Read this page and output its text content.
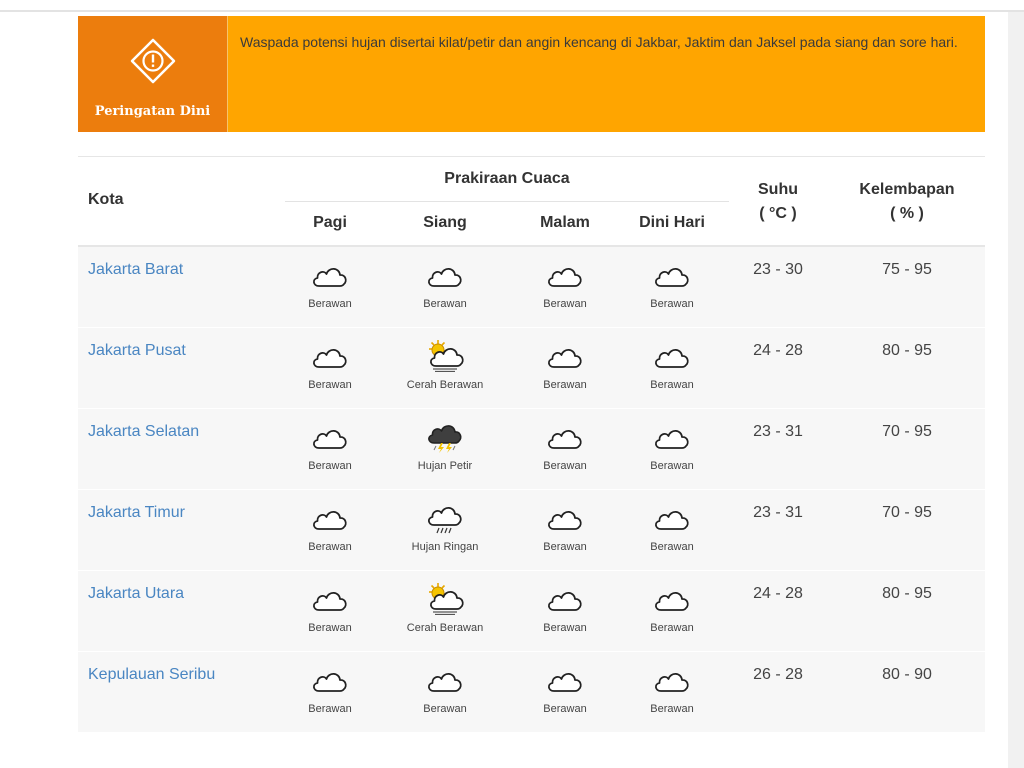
Peringatan Dini
Waspada potensi hujan disertai kilat/petir dan angin kencang di Jakbar, Jaktim dan Jaksel pada siang dan sore hari.
Kota
Prakiraan Cuaca
Pagi	Siang	Malam	Dini Hari
Suhu
( °C )
Kelembapan
( % )
Jakarta Barat
Berawan	Berawan	Berawan	Berawan
23 - 30	75 - 95
Jakarta Pusat
Berawan	Cerah Berawan	Berawan	Berawan
24 - 28	80 - 95
Jakarta Selatan
Berawan	Hujan Petir	Berawan	Berawan
23 - 31	70 - 95
Jakarta Timur
Berawan	Hujan Ringan	Berawan	Berawan
23 - 31	70 - 95
Jakarta Utara
Berawan	Cerah Berawan	Berawan	Berawan
24 - 28	80 - 95
Kepulauan Seribu
Berawan	Berawan	Berawan	Berawan
26 - 28	80 - 90
